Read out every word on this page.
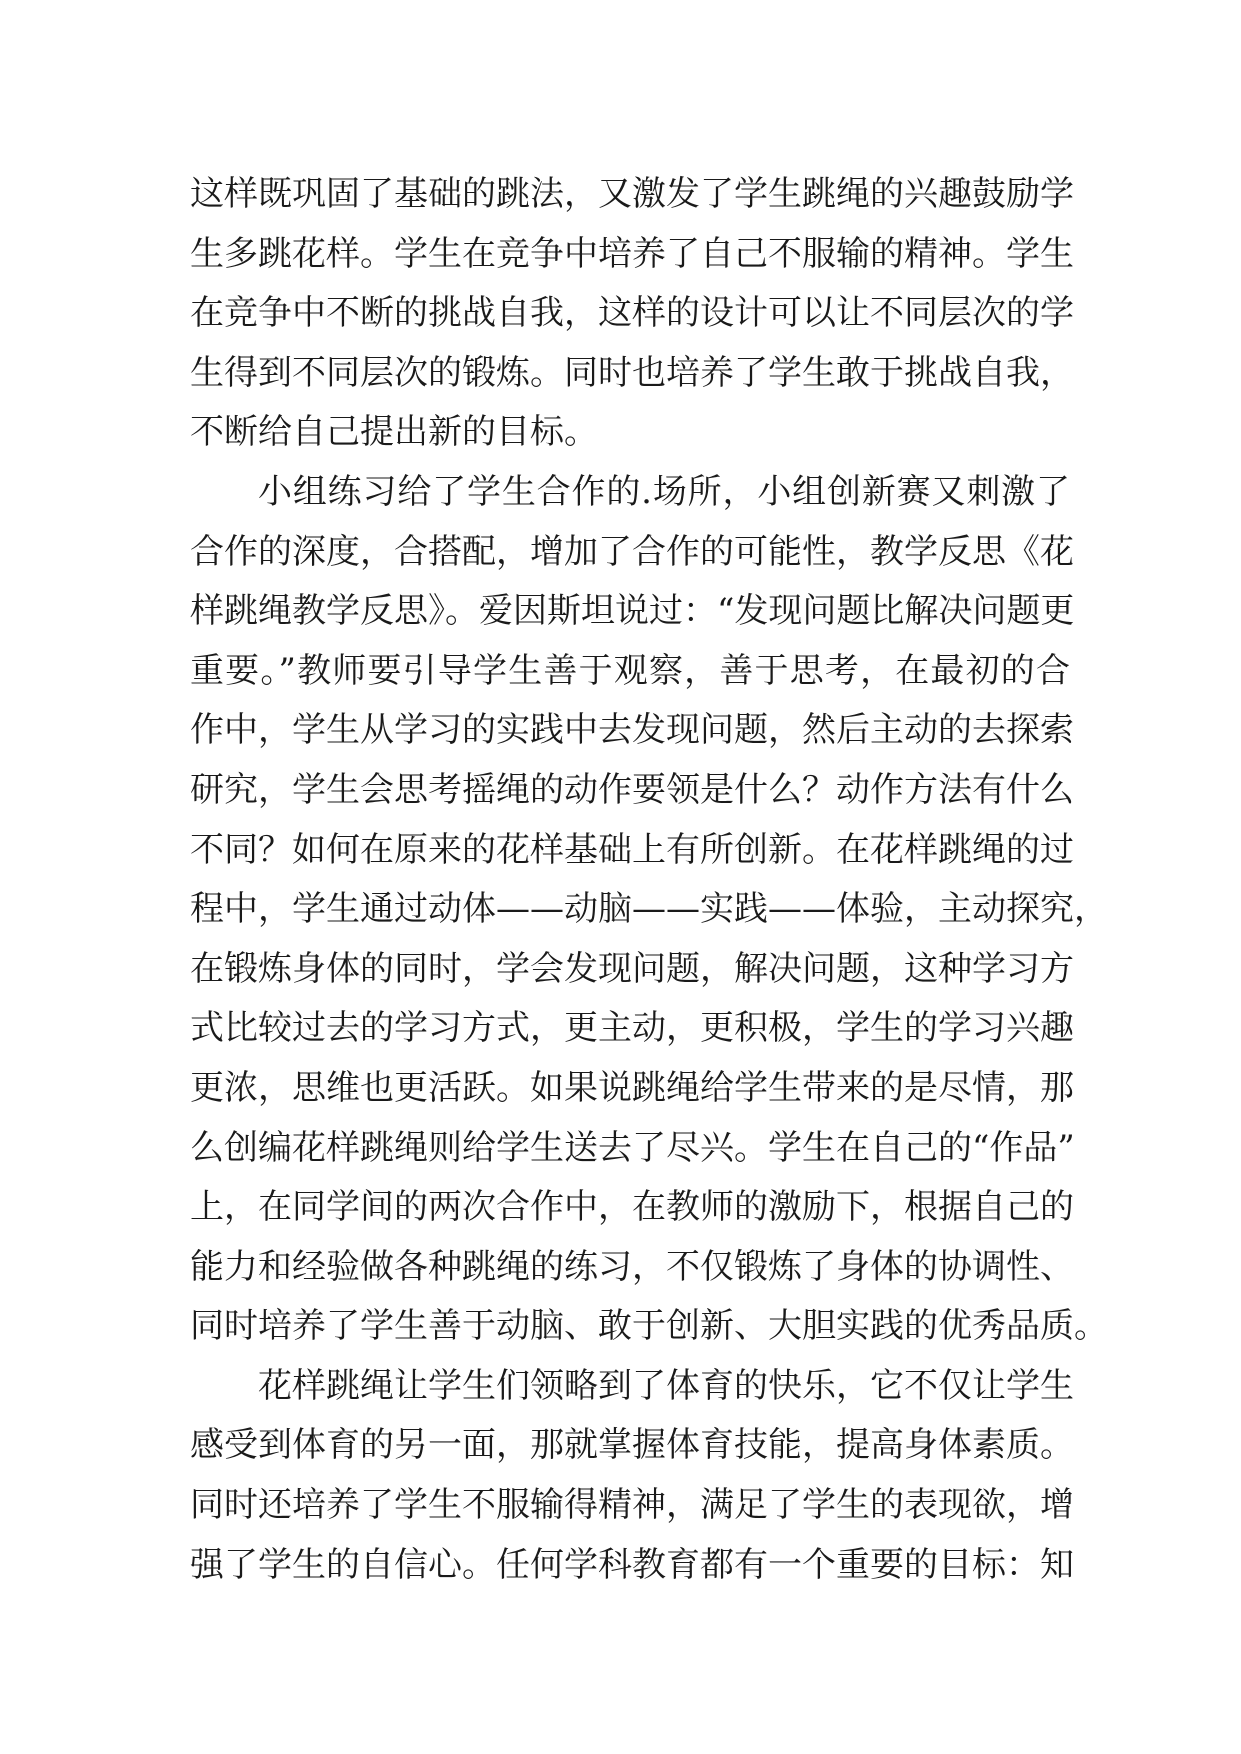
这样既巩固了基础的跳法，又激发了学生跳绳的兴趣鼓励学
生多跳花样。学生在竞争中培养了自己不服输的精神。学生
在竞争中不断的挑战自我，这样的设计可以让不同层次的学
生得到不同层次的锻炼。同时也培养了学生敢于挑战自我，
不断给自己提出新的目标。
小组练习给了学生合作的.场所，小组创新赛又刺激了
合作的深度，合搭配，增加了合作的可能性，教学反思《花
样跳绳教学反思》。爱因斯坦说过：“发现问题比解决问题更
重要。”教师要引导学生善于观察，善于思考，在最初的合
作中，学生从学习的实践中去发现问题，然后主动的去探索
研究，学生会思考摇绳的动作要领是什么？动作方法有什么
不同？如何在原来的花样基础上有所创新。在花样跳绳的过
程中，学生通过动体——动脑——实践——体验，主动探究，
在锻炼身体的同时，学会发现问题，解决问题，这种学习方
式比较过去的学习方式，更主动，更积极，学生的学习兴趣
更浓，思维也更活跃。如果说跳绳给学生带来的是尽情，那
么创编花样跳绳则给学生送去了尽兴。学生在自己的“作品”
上，在同学间的两次合作中，在教师的激励下，根据自己的
能力和经验做各种跳绳的练习，不仅锻炼了身体的协调性、
同时培养了学生善于动脑、敢于创新、大胆实践的优秀品质。
花样跳绳让学生们领略到了体育的快乐，它不仅让学生
感受到体育的另一面，那就掌握体育技能，提高身体素质。
同时还培养了学生不服输得精神，满足了学生的表现欲，增
强了学生的自信心。任何学科教育都有一个重要的目标：知
